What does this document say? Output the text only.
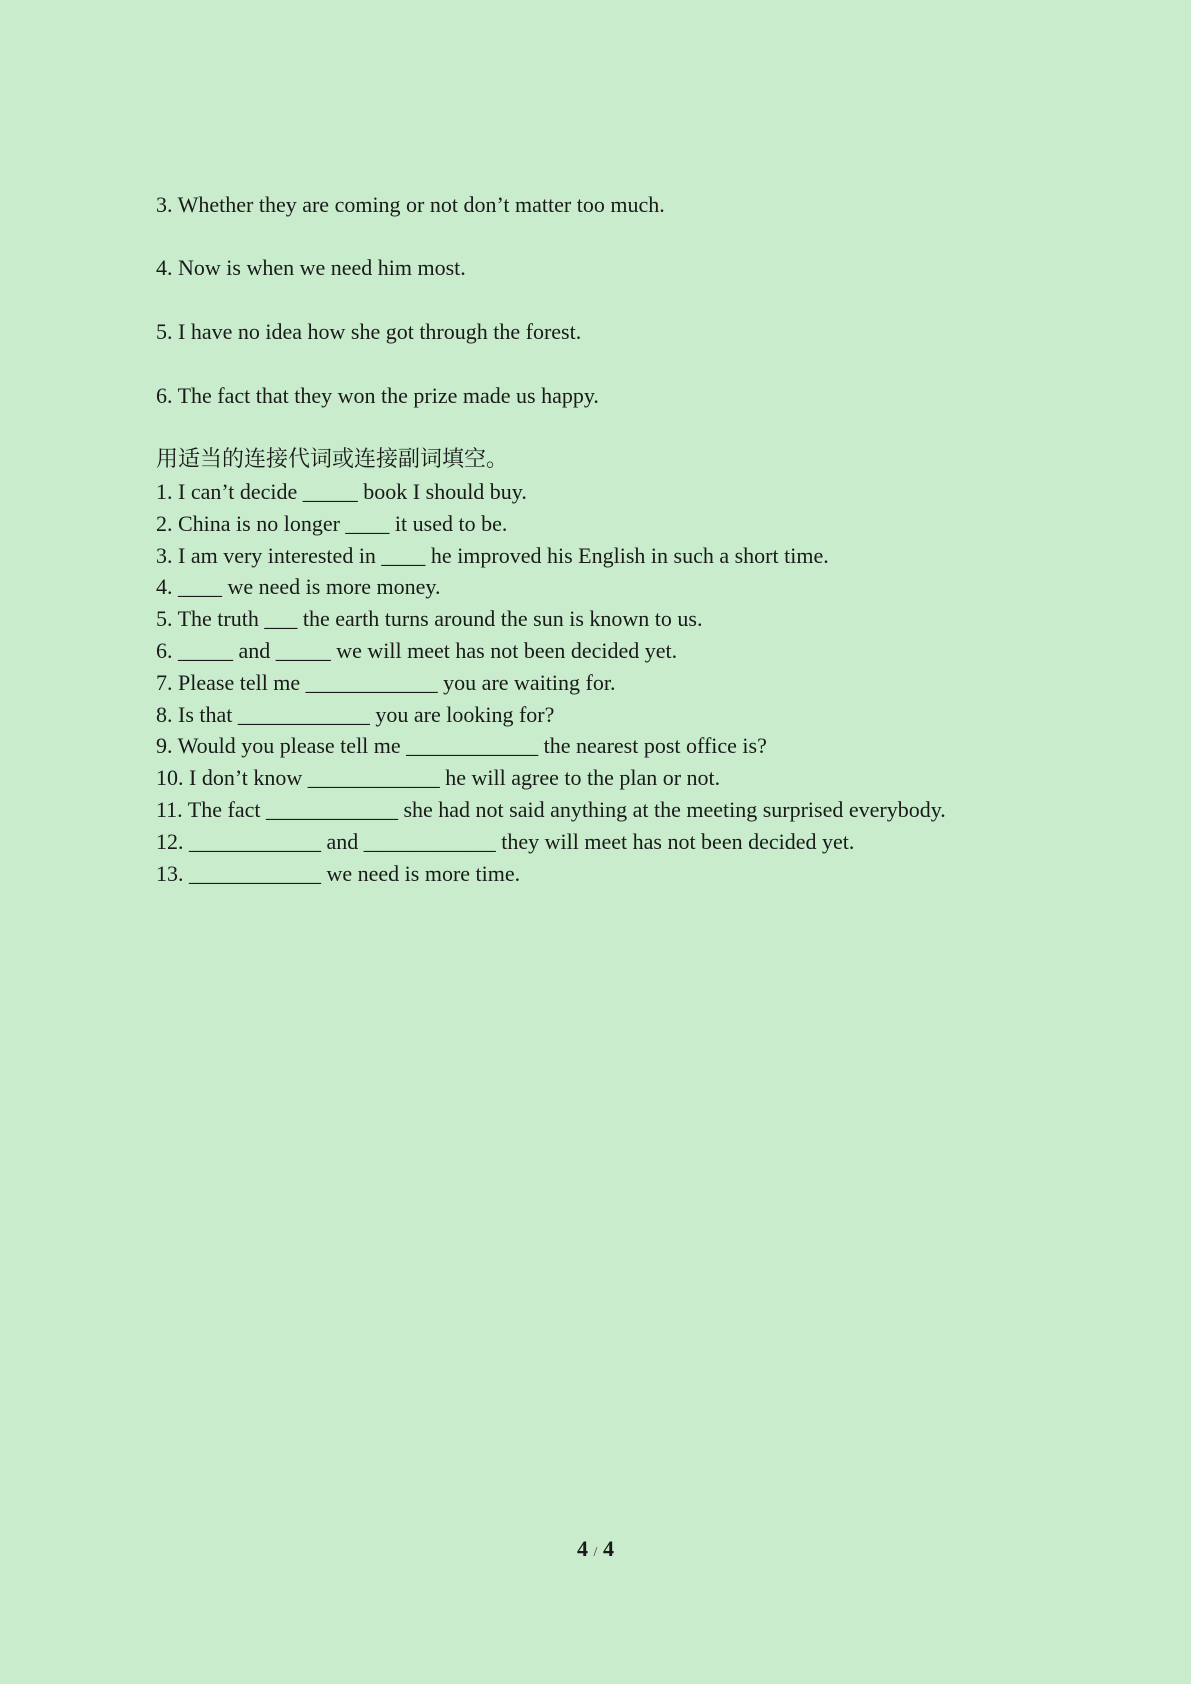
3. Whether they are coming or not don’t matter too much.
4. Now is when we need him most.
5. I have no idea how she got through the forest.
6. The fact that they won the prize made us happy.
用适当的连接代词或连接副词填空。
1. I can’t decide _____ book I should buy.
2. China is no longer ____ it used to be.
3. I am very interested in ____ he improved his English in such a short time.
4. ____ we need is more money.
5. The truth ___ the earth turns around the sun is known to us.
6. _____ and _____ we will meet has not been decided yet.
7. Please tell me ____________ you are waiting for.
8. Is that ____________ you are looking for?
9. Would you please tell me ____________ the nearest post office is?
10. I don’t know ____________ he will agree to the plan or not.
11. The fact ____________ she had not said anything at the meeting surprised everybody.
12. ____________ and ____________ they will meet has not been decided yet.
13. ____________ we need is more time.
4 / 4
